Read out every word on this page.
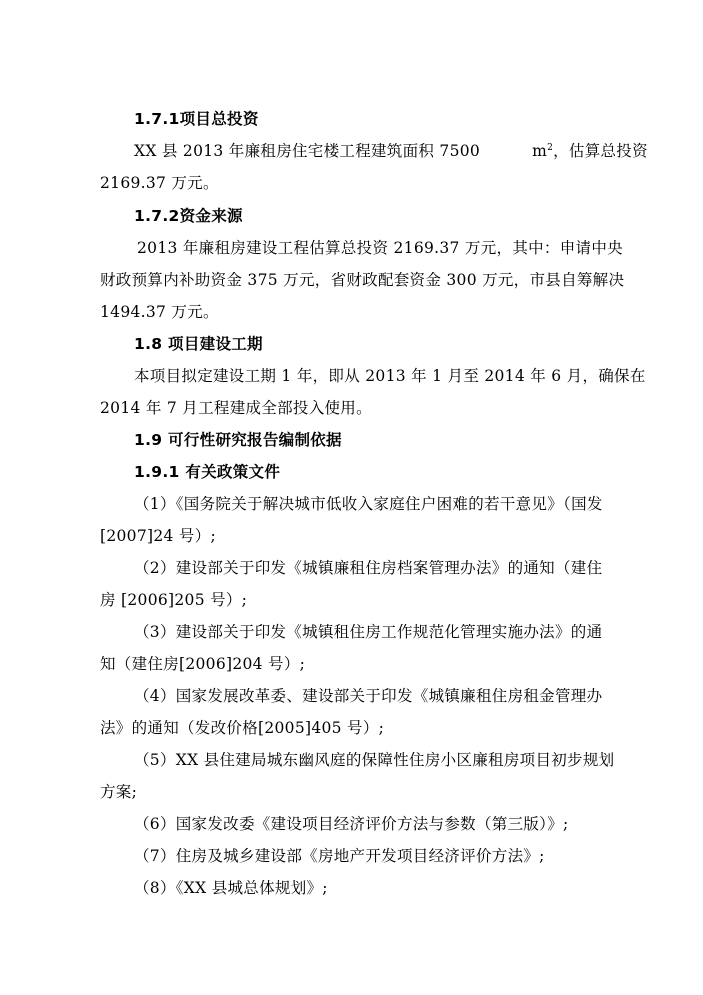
1.7.1项目总投资
XX 县 2013 年廉租房住宅楼工程建筑面积 7500	$m^2$，估算总投资
2169.37 万元。
1.7.2资金来源
2013 年廉租房建设工程估算总投资 2169.37 万元，其中：申请中央
财政预算内补助资金 375 万元，省财政配套资金 300 万元，市县自筹解决
1494.37 万元。
1.8 项目建设工期
本项目拟定建设工期 1 年，即从 2013 年 1 月至 2014 年 6 月，确保在
2014 年 7 月工程建成全部投入使用。
1.9 可行性研究报告编制依据
1.9.1 有关政策文件
（1）《国务院关于解决城市低收入家庭住户困难的若干意见》（国发
[2007]24 号）;
（2）建设部关于印发《城镇廉租住房档案管理办法》的通知（建住
房 [2006]205 号）;
（3）建设部关于印发《城镇租住房工作规范化管理实施办法》的通
知（建住房[2006]204 号）;
（4）国家发展改革委、建设部关于印发《城镇廉租住房租金管理办
法》的通知（发改价格[2005]405 号）;
（5）XX 县住建局城东幽风庭的保障性住房小区廉租房项目初步规划
方案;
（6）国家发改委《建设项目经济评价方法与参数（第三版）》;
（7）住房及城乡建设部《房地产开发项目经济评价方法》;
（8）《XX 县城总体规划》;
